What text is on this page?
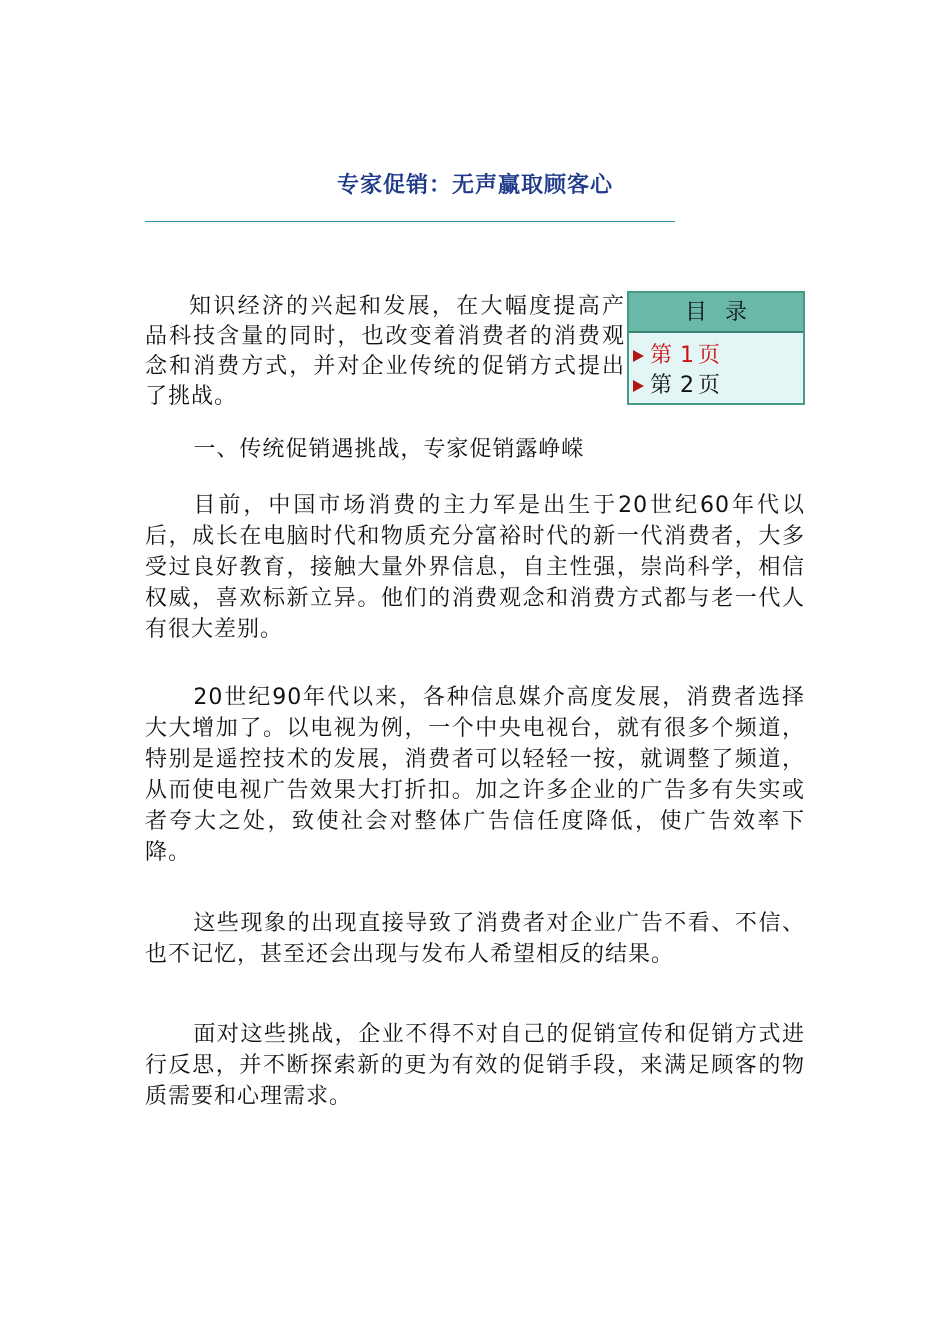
专家促销：无声赢取顾客心

知识经济的兴起和发展，在大幅度提高产品科技含量的同时，也改变着消费者的消费观念和消费方式，并对企业传统的促销方式提出了挑战。

目录
第 1 页
第 2 页

一、传统促销遇挑战，专家促销露峥嵘

目前，中国市场消费的主力军是出生于20世纪60年代以后，成长在电脑时代和物质充分富裕时代的新一代消费者，大多受过良好教育，接触大量外界信息，自主性强，崇尚科学，相信权威，喜欢标新立异。他们的消费观念和消费方式都与老一代人有很大差别。

20世纪90年代以来，各种信息媒介高度发展，消费者选择大大增加了。以电视为例，一个中央电视台，就有很多个频道，特别是遥控技术的发展，消费者可以轻轻一按，就调整了频道，从而使电视广告效果大打折扣。加之许多企业的广告多有失实或者夸大之处，致使社会对整体广告信任度降低，使广告效率下降。

这些现象的出现直接导致了消费者对企业广告不看、不信、也不记忆，甚至还会出现与发布人希望相反的结果。

面对这些挑战，企业不得不对自己的促销宣传和促销方式进行反思，并不断探索新的更为有效的促销手段，来满足顾客的物质需要和心理需求。
